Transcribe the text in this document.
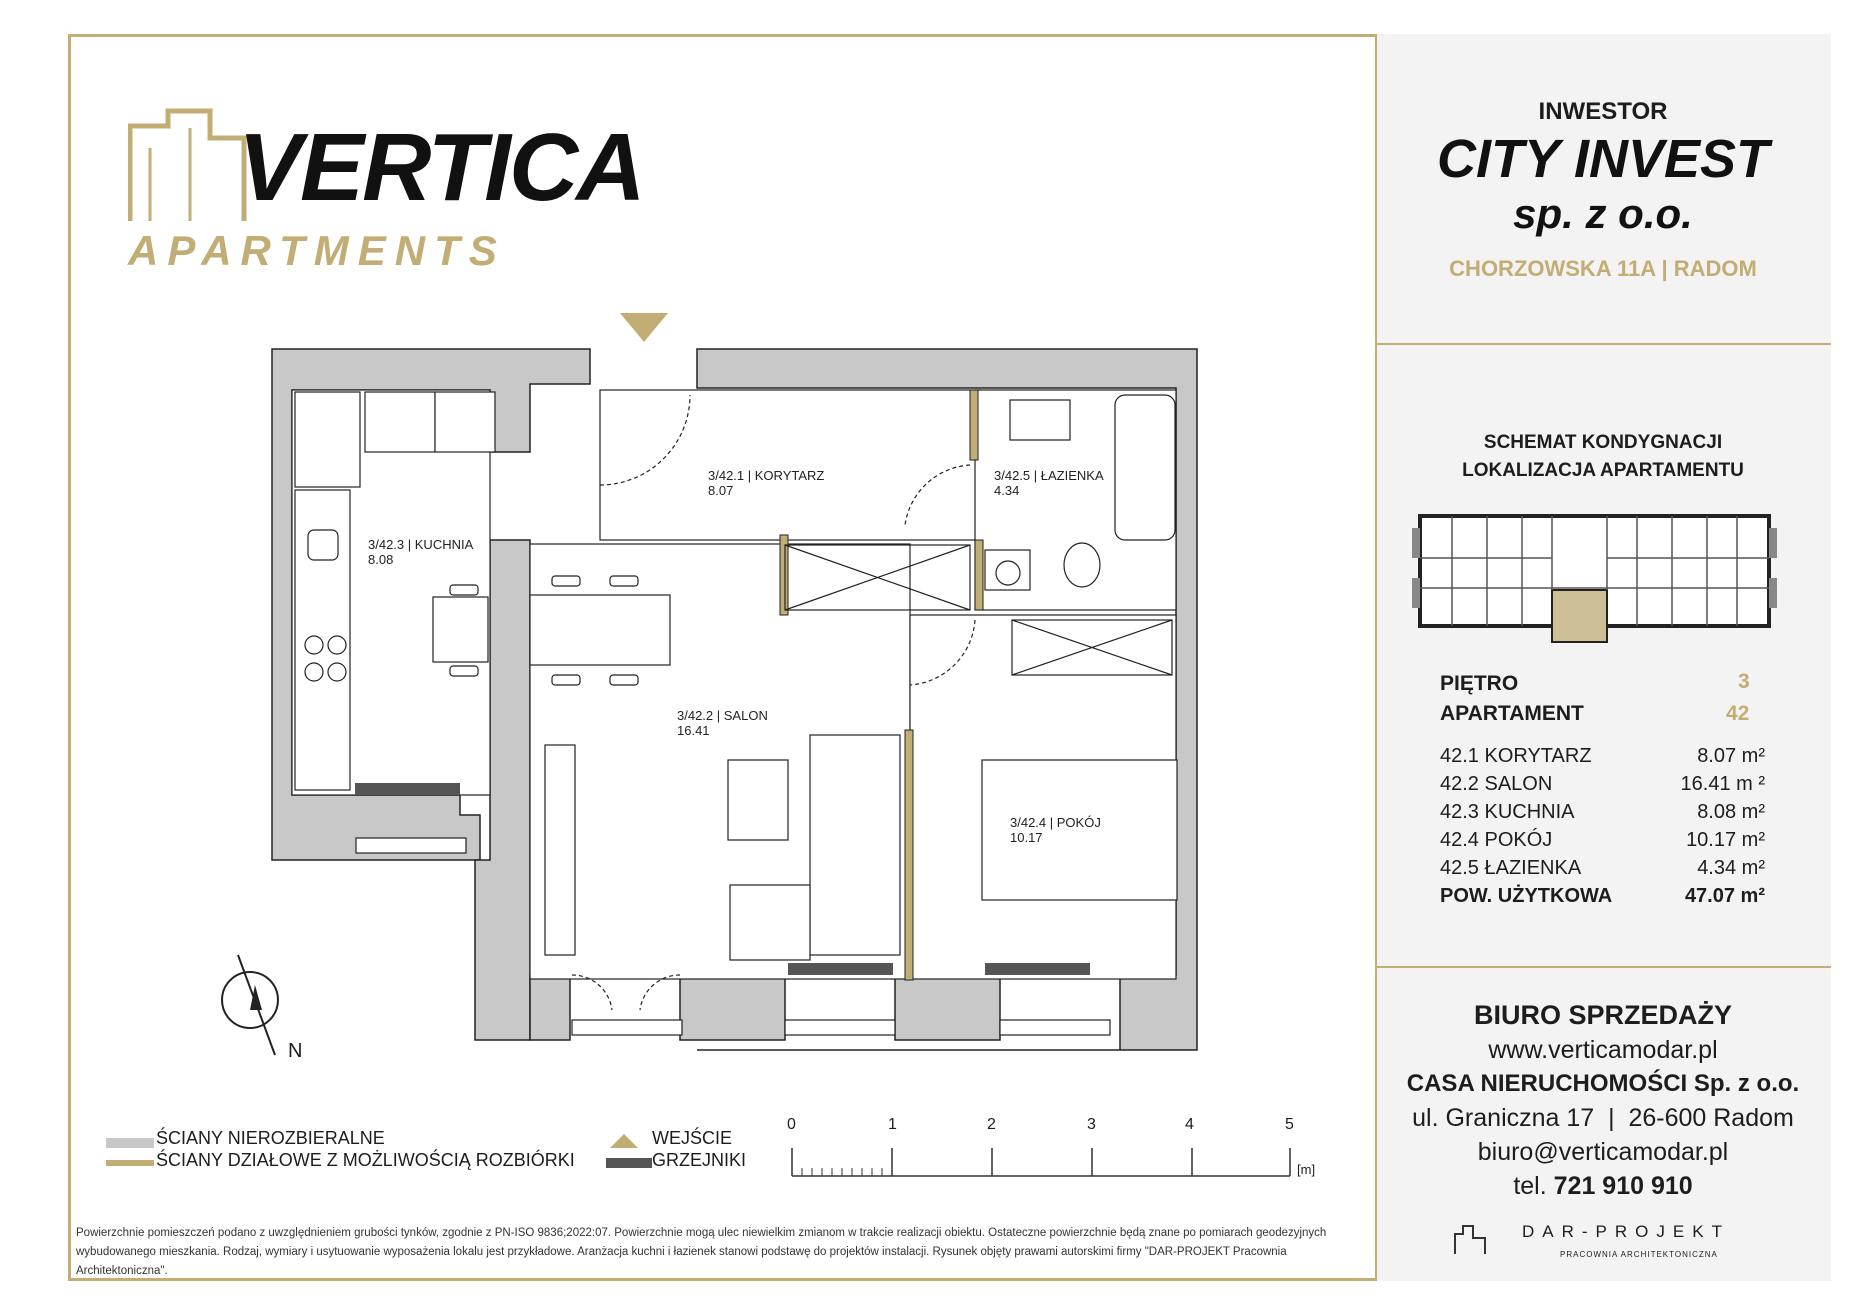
VERTICA
APARTMENTS
INWESTOR
CITY INVEST
sp. z o.o.
CHORZOWSKA 11A | RADOM
SCHEMAT KONDYGNACJI
LOKALIZACJA APARTAMENTU
PIĘTRO	3
APARTAMENT	42
42.1 KORYTARZ	8.07 m²
42.2 SALON	16.41 m ²
42.3 KUCHNIA	8.08 m²
42.4 POKÓJ	10.17 m²
42.5 ŁAZIENKA	4.34 m²
POW. UŻYTKOWA	47.07 m²
BIURO SPRZEDAŻY
www.verticamodar.pl
CASA NIERUCHOMOŚCI Sp. z o.o.
ul. Graniczna 17  |  26-600 Radom
biuro@verticamodar.pl
tel. 721 910 910
DAR-PROJEKT
PRACOWNIA ARCHITEKTONICZNA
3/42.1 | KORYTARZ
8.07
3/42.5 | ŁAZIENKA
4.34
3/42.3 | KUCHNIA
8.08
3/42.2 | SALON
16.41
3/42.4 | POKÓJ
10.17
N
ŚCIANY NIEROZBIERALNE
ŚCIANY DZIAŁOWE Z MOŻLIWOŚCIĄ ROZBIÓRKI
WEJŚCIE
GRZEJNIKI
0	1	2	3	4	5
[m]
Powierzchnie pomieszczeń podano z uwzględnieniem grubości tynków, zgodnie z PN-ISO 9836;2022:07. Powierzchnie mogą ulec niewielkim zmianom w trakcie realizacji obiektu. Ostateczne powierzchnie będą znane po pomiarach geodezyjnych wybudowanego mieszkania. Rodzaj, wymiary i usytuowanie wyposażenia lokalu jest przykładowe. Aranżacja kuchni i łazienek stanowi podstawę do projektów instalacji. Rysunek objęty prawami autorskimi firmy "DAR-PROJEKT Pracownia Architektoniczna".
